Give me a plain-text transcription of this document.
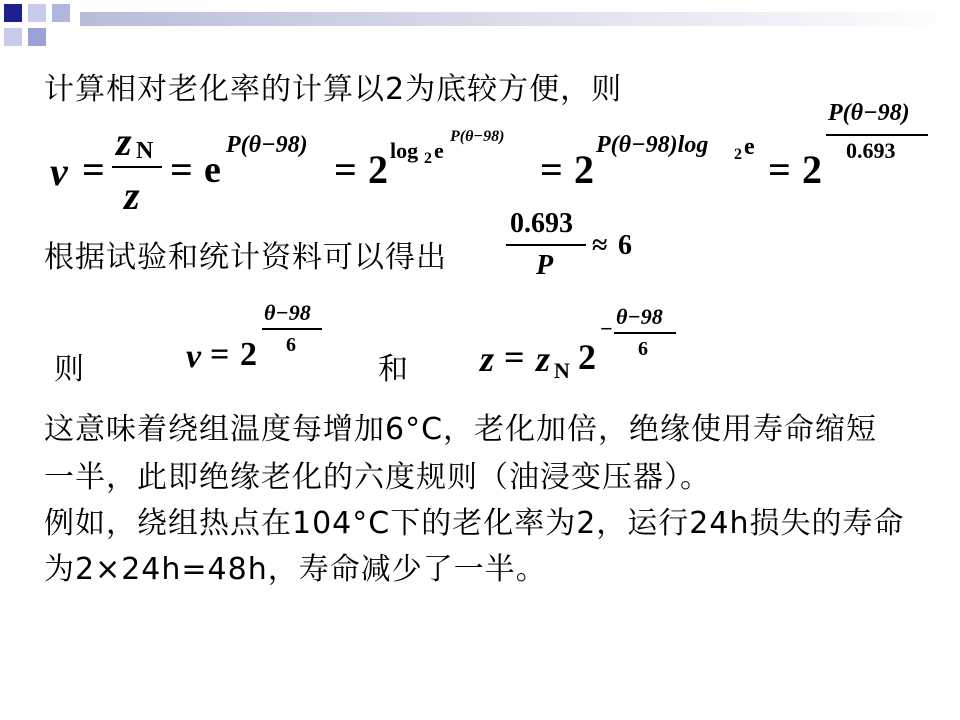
计算相对老化率的计算以2为底较方便，则
ν =
z N
z
= e
P(θ−98)
= 2 log 2 e
P(θ−98)
= 2
P(θ−98)log 2 e = 2
P(θ−98)
0.693
根据试验和统计资料可以得出
0.693
P
≈ 6
则	ν = 2
θ−98
6
和 z = z N 2
− θ−98
6
这意味着绕组温度每增加6°C，老化加倍，绝缘使用寿命缩短
一半，此即绝缘老化的六度规则（油浸变压器）。
例如，绕组热点在104°C下的老化率为2，运行24h损失的寿命
为2×24h=48h，寿命减少了一半。
